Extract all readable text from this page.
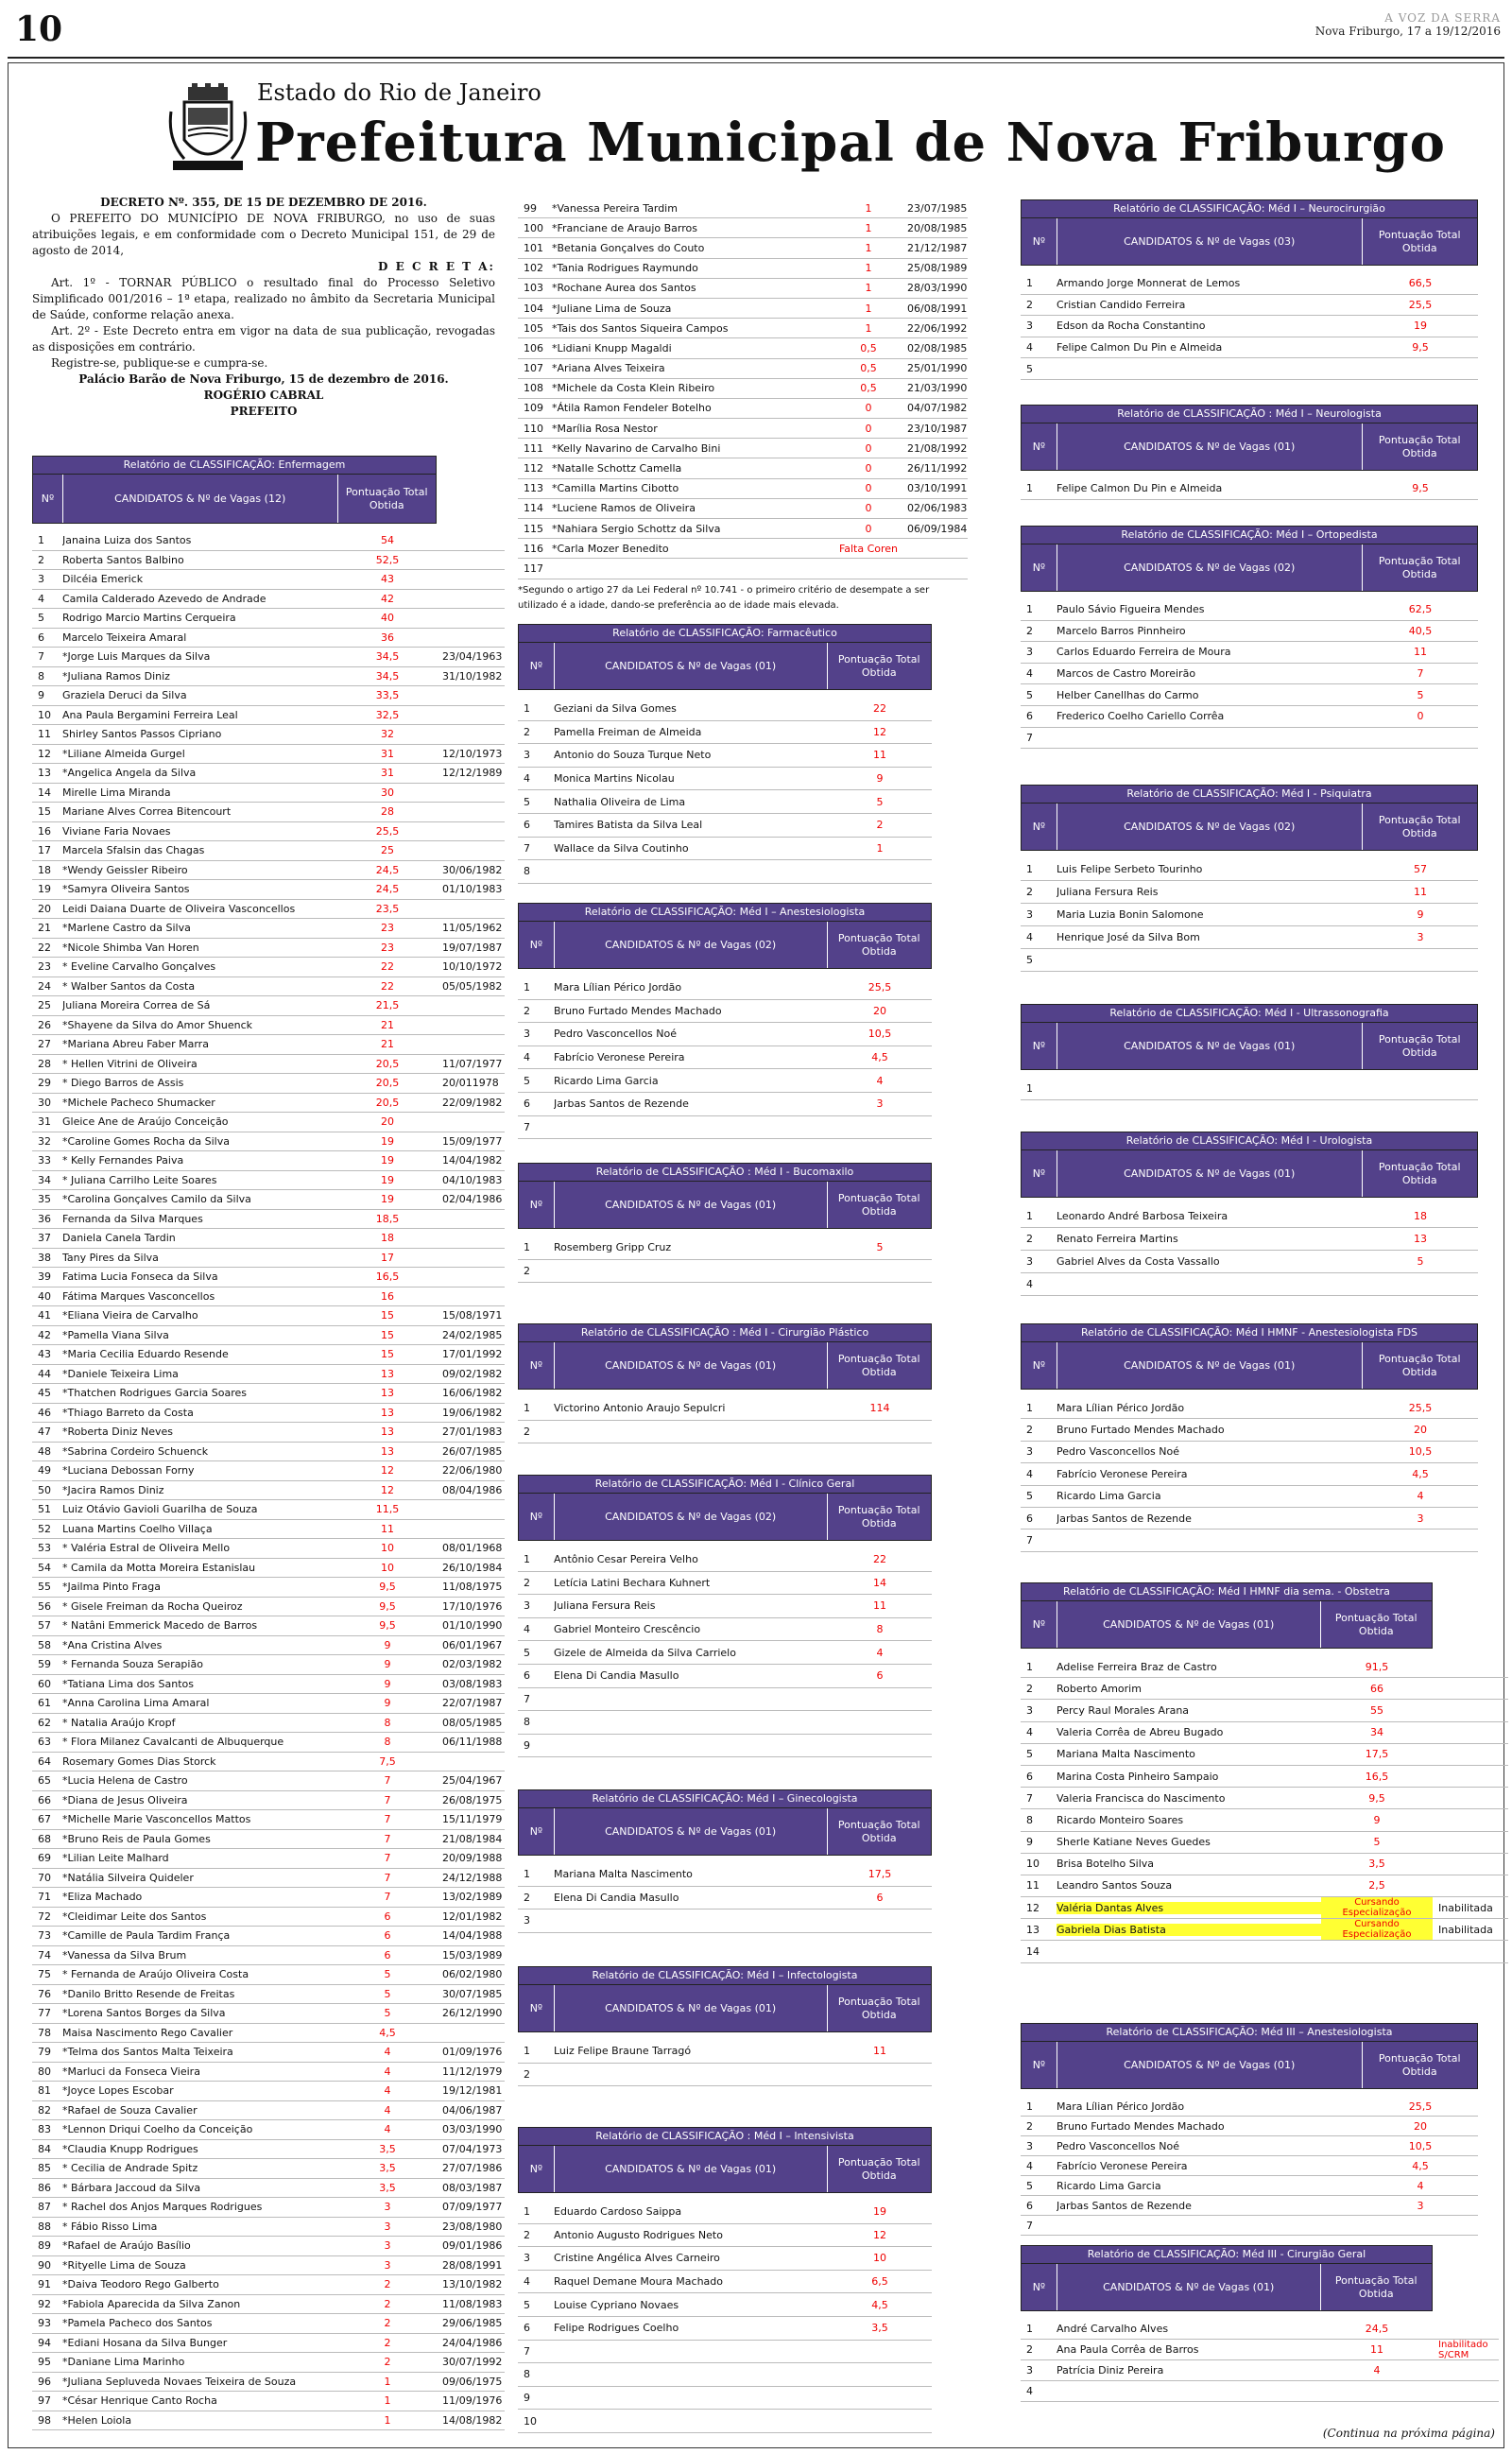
10	A VOZ DA SERRA
Nova Friburgo, 17 a 19/12/2016
Estado do Rio de Janeiro
Prefeitura Municipal de Nova Friburgo
DECRETO Nº. 355, DE 15 DE DEZEMBRO DE 2016.
O PREFEITO DO MUNICÍPIO DE NOVA FRIBURGO, no uso de suas atribuições legais, e em conformidade com o Decreto Municipal 151, de 29 de agosto de 2014,
D E C R E T A:
Art. 1º - TORNAR PÚBLICO o resultado final do Processo Seletivo Simplificado 001/2016 – 1ª etapa, realizado no âmbito da Secretaria Municipal de Saúde, conforme relação anexa.
Art. 2º - Este Decreto entra em vigor na data de sua publicação, revogadas as disposições em contrário.
Registre-se, publique-se e cumpra-se.
Palácio Barão de Nova Friburgo, 15 de dezembro de 2016.
ROGÉRIO CABRAL
PREFEITO
Relatório de CLASSIFICAÇÃO: Enfermagem
Nº	CANDIDATOS & Nº de Vagas (12)
Pontuação Total Obtida
1	Janaina Luiza dos Santos	54
2	Roberta Santos Balbino	52,5
3	Dilcéia Emerick	43
4	Camila Calderado Azevedo de Andrade	42
5	Rodrigo Marcio Martins Cerqueira	40
6	Marcelo Teixeira Amaral	36
7	*Jorge Luis Marques da Silva	34,5	23/04/1963
8	*Juliana Ramos Diniz	34,5	31/10/1982
9	Graziela Deruci da Silva	33,5
10	Ana Paula Bergamini Ferreira Leal	32,5
11	Shirley Santos Passos Cipriano	32
12	*Liliane Almeida Gurgel	31	12/10/1973
13	*Angelica Angela da Silva	31	12/12/1989
14	Mirelle Lima Miranda	30
15	Mariane Alves Correa Bitencourt	28
16	Viviane Faria Novaes	25,5
17	Marcela Sfalsin das Chagas	25
18	*Wendy Geissler Ribeiro	24,5	30/06/1982
19	*Samyra Oliveira Santos	24,5	01/10/1983
20	Leidi Daiana Duarte de Oliveira Vasconcellos	23,5
21	*Marlene Castro da Silva	23	11/05/1962
22	*Nicole Shimba Van Horen	23	19/07/1987
23	* Eveline Carvalho Gonçalves	22	10/10/1972
24	* Walber Santos da Costa	22	05/05/1982
25	Juliana Moreira Correa de Sá	21,5
26	*Shayene da Silva do Amor Shuenck	21
27	*Mariana Abreu Faber Marra	21
28	* Hellen Vitrini de Oliveira	20,5	11/07/1977
29	* Diego Barros de Assis	20,5	20/011978
30	*Michele Pacheco Shumacker	20,5	22/09/1982
31	Gleice Ane de Araújo Conceição	20
32	*Caroline Gomes Rocha da Silva	19	15/09/1977
33	* Kelly Fernandes Paiva	19	14/04/1982
34	* Juliana Carrilho Leite Soares	19	04/10/1983
35	*Carolina Gonçalves Camilo da Silva	19	02/04/1986
36	Fernanda da Silva Marques	18,5
37	Daniela Canela Tardin	18
38	Tany Pires da Silva	17
39	Fatima Lucia Fonseca da Silva	16,5
40	Fátima Marques Vasconcellos	16
41	*Eliana Vieira de Carvalho	15	15/08/1971
42	*Pamella Viana Silva	15	24/02/1985
43	*Maria Cecilia Eduardo Resende	15	17/01/1992
44	*Daniele Teixeira Lima	13	09/02/1982
45	*Thatchen Rodrigues Garcia Soares	13	16/06/1982
46	*Thiago Barreto da Costa	13	19/06/1982
47	*Roberta Diniz Neves	13	27/01/1983
48	*Sabrina Cordeiro Schuenck	13	26/07/1985
49	*Luciana Debossan Forny	12	22/06/1980
50	*Jacira Ramos Diniz	12	08/04/1986
51	Luiz Otávio Gavioli Guarilha de Souza	11,5
52	Luana Martins Coelho Villaça	11
53	* Valéria Estral de Oliveira Mello	10	08/01/1968
54	* Camila da Motta Moreira Estanislau	10	26/10/1984
55	*Jailma Pinto Fraga	9,5	11/08/1975
56	* Gisele Freiman da Rocha Queiroz	9,5	17/10/1976
57	* Natâni Emmerick Macedo de Barros	9,5	01/10/1990
58	*Ana Cristina Alves	9	06/01/1967
59	* Fernanda Souza Serapião	9	02/03/1982
60	*Tatiana Lima dos Santos	9	03/08/1983
61	*Anna Carolina Lima Amaral	9	22/07/1987
62	* Natalia Araújo Kropf	8	08/05/1985
63	* Flora Milanez Cavalcanti de Albuquerque	8	06/11/1988
64	Rosemary Gomes Dias Storck	7,5
65	*Lucia Helena de Castro	7	25/04/1967
66	*Diana de Jesus Oliveira	7	26/08/1975
67	*Michelle Marie Vasconcellos Mattos	7	15/11/1979
68	*Bruno Reis de Paula Gomes	7	21/08/1984
69	*Lilian Leite Malhard	7	20/09/1988
70	*Natália Silveira Quideler	7	24/12/1988
71	*Eliza Machado	7	13/02/1989
72	*Cleidimar Leite dos Santos	6	12/01/1982
73	*Camille de Paula Tardim França	6	14/04/1988
74	*Vanessa da Silva Brum	6	15/03/1989
75	* Fernanda de Araújo Oliveira Costa	5	06/02/1980
76	*Danilo Britto Resende de Freitas	5	30/07/1985
77	*Lorena Santos Borges da Silva	5	26/12/1990
78	Maisa Nascimento Rego Cavalier	4,5
79	*Telma dos Santos Malta Teixeira	4	01/09/1976
80	*Marluci da Fonseca Vieira	4	11/12/1979
81	*Joyce Lopes Escobar	4	19/12/1981
82	*Rafael de Souza Cavalier	4	04/06/1987
83	*Lennon Driqui Coelho da Conceição	4	03/03/1990
84	*Claudia Knupp Rodrigues	3,5	07/04/1973
85	* Cecilia de Andrade Spitz	3,5	27/07/1986
86	* Bárbara Jaccoud da Silva	3,5	08/03/1987
87	* Rachel dos Anjos Marques Rodrigues	3	07/09/1977
88	* Fábio Risso Lima	3	23/08/1980
89	*Rafael de Araújo Basílio	3	09/01/1986
90	*Rityelle Lima de Souza	3	28/08/1991
91	*Daiva Teodoro Rego Galberto	2	13/10/1982
92	*Fabiola Aparecida da Silva Zanon	2	11/08/1983
93	*Pamela Pacheco dos Santos	2	29/06/1985
94	*Ediani Hosana da Silva Bunger	2	24/04/1986
95	*Daniane Lima Marinho	2	30/07/1992
96	*Juliana Sepluveda Novaes Teixeira de Souza	1	09/06/1975
97	*César Henrique Canto Rocha	1	11/09/1976
98	*Helen Loiola	1	14/08/1982
99	*Vanessa Pereira Tardim	1	23/07/1985
100 *Franciane de Araujo Barros	1	20/08/1985
101 *Betania Gonçalves do Couto	1	21/12/1987
102 *Tania Rodrigues Raymundo	1	25/08/1989
103 *Rochane Aurea dos Santos	1	28/03/1990
104 *Juliane Lima de Souza	1	06/08/1991
105 *Tais dos Santos Siqueira Campos	1	22/06/1992
106 *Lidiani Knupp Magaldi	0,5	02/08/1985
107 *Ariana Alves Teixeira	0,5	25/01/1990
108 *Michele da Costa Klein Ribeiro	0,5	21/03/1990
109 *Átila Ramon Fendeler Botelho	0	04/07/1982
110 *Marília Rosa Nestor	0	23/10/1987
111 *Kelly Navarino de Carvalho Bini	0	21/08/1992
112 *Natalle Schottz Camella	0	26/11/1992
113 *Camilla Martins Cibotto	0	03/10/1991
114 *Luciene Ramos de Oliveira	0	02/06/1983
115 *Nahiara Sergio Schottz da Silva	0	06/09/1984
116 *Carla Mozer Benedito	Falta Coren
117
*Segundo o artigo 27 da Lei Federal nº 10.741 - o primeiro critério de desempate a ser utilizado é a idade, dando-se preferência ao de idade mais elevada.
Relatório de CLASSIFICAÇÃO: Farmacêutico
Nº	CANDIDATOS & Nº de Vagas (01)
Pontuação Total Obtida
1	Geziani da Silva Gomes	22
2	Pamella Freiman de Almeida	12
3	Antonio do Souza Turque Neto	11
4	Monica Martins Nicolau	9
5	Nathalia Oliveira de Lima	5
6	Tamires Batista da Silva Leal	2
7	Wallace da Silva Coutinho	1
8
Relatório de CLASSIFICAÇÃO: Méd I – Anestesiologista
Nº	CANDIDATOS & Nº de Vagas (02)
Pontuação Total Obtida
1	Mara Lílian Périco Jordão	25,5
2	Bruno Furtado Mendes Machado	20
3	Pedro Vasconcellos Noé	10,5
4	Fabrício Veronese Pereira	4,5
5	Ricardo Lima Garcia	4
6	Jarbas Santos de Rezende	3
7
Relatório de CLASSIFICAÇÃO : Méd I - Bucomaxilo
Nº	CANDIDATOS & Nº de Vagas (01)
Pontuação Total Obtida
1	Rosemberg Gripp Cruz	5
2
Relatório de CLASSIFICAÇÃO : Méd I - Cirurgião Plástico
Nº	CANDIDATOS & Nº de Vagas (01)
Pontuação Total Obtida
1	Victorino Antonio Araujo Sepulcri	114
2
Relatório de CLASSIFICAÇÃO: Méd I - Clínico Geral
Nº	CANDIDATOS & Nº de Vagas (02)
Pontuação Total Obtida
1	Antônio Cesar Pereira Velho	22
2	Letícia Latini Bechara Kuhnert	14
3	Juliana Fersura Reis	11
4	Gabriel Monteiro Crescêncio	8
5	Gizele de Almeida da Silva Carrielo	4
6	Elena Di Candia Masullo	6
7
8
9
Relatório de CLASSIFICAÇÃO: Méd I – Ginecologista
Nº	CANDIDATOS & Nº de Vagas (01)
Pontuação Total Obtida
1	Mariana Malta Nascimento	17,5
2	Elena Di Candia Masullo	6
3
Relatório de CLASSIFICAÇÃO: Méd I – Infectologista
Nº	CANDIDATOS & Nº de Vagas (01)
Pontuação Total Obtida
1	Luiz Felipe Braune Tarragó	11
2
Relatório de CLASSIFICAÇÃO : Méd I – Intensivista
Nº	CANDIDATOS & Nº de Vagas (01)
Pontuação Total Obtida
1	Eduardo Cardoso Saippa	19
2	Antonio Augusto Rodrigues Neto	12
3	Cristine Angélica Alves Carneiro	10
4	Raquel Demane Moura Machado	6,5
5	Louise Cypriano Novaes	4,5
6	Felipe Rodrigues Coelho	3,5
7
8
9
10
Relatório de CLASSIFICAÇÃO: Méd I – Neurocirurgião
Nº	CANDIDATOS & Nº de Vagas (03)
Pontuação Total Obtida
1	Armando Jorge Monnerat de Lemos	66,5
2	Cristian Candido Ferreira	25,5
3	Edson da Rocha Constantino	19
4	Felipe Calmon Du Pin e Almeida	9,5
5
Relatório de CLASSIFICAÇÃO : Méd I – Neurologista
Nº	CANDIDATOS & Nº de Vagas (01)
Pontuação Total Obtida
1	Felipe Calmon Du Pin e Almeida	9,5
Relatório de CLASSIFICAÇÃO: Méd I – Ortopedista
Nº	CANDIDATOS & Nº de Vagas (02)
Pontuação Total Obtida
1	Paulo Sávio Figueira Mendes	62,5
2	Marcelo Barros Pinnheiro	40,5
3	Carlos Eduardo Ferreira de Moura	11
4	Marcos de Castro Moreirão	7
5	Helber Canellhas do Carmo	5
6	Frederico Coelho Cariello Corrêa	0
7
Relatório de CLASSIFICAÇÃO: Méd I - Psiquiatra
Nº	CANDIDATOS & Nº de Vagas (02)
Pontuação Total Obtida
1	Luis Felipe Serbeto Tourinho	57
2	Juliana Fersura Reis	11
3	Maria Luzia Bonin Salomone	9
4	Henrique José da Silva Bom	3
5
Relatório de CLASSIFICAÇÃO: Méd I - Ultrassonografia
Nº	CANDIDATOS & Nº de Vagas (01)
Pontuação Total Obtida
1
Relatório de CLASSIFICAÇÃO: Méd I - Urologista
Nº	CANDIDATOS & Nº de Vagas (01)
Pontuação Total Obtida
1	Leonardo André Barbosa Teixeira	18
2	Renato Ferreira Martins	13
3	Gabriel Alves da Costa Vassallo	5
4
Relatório de CLASSIFICAÇÃO: Méd I HMNF - Anestesiologista FDS
Nº	CANDIDATOS & Nº de Vagas (01)
Pontuação Total Obtida
1	Mara Lílian Périco Jordão	25,5
2	Bruno Furtado Mendes Machado	20
3	Pedro Vasconcellos Noé	10,5
4	Fabrício Veronese Pereira	4,5
5	Ricardo Lima Garcia	4
6	Jarbas Santos de Rezende	3
7
Relatório de CLASSIFICAÇÃO: Méd I HMNF dia sema. - Obstetra
Nº	CANDIDATOS & Nº de Vagas (01)
Pontuação Total Obtida
1	Adelise Ferreira Braz de Castro	91,5
2	Roberto Amorim	66
3	Percy Raul Morales Arana	55
4	Valeria Corrêa de Abreu Bugado	34
5	Mariana Malta Nascimento	17,5
6	Marina Costa Pinheiro Sampaio	16,5
7	Valeria Francisca do Nascimento	9,5
8	Ricardo Monteiro Soares	9
9	Sherle Katiane Neves Guedes	5
10	Brisa Botelho Silva	3,5
11	Leandro Santos Souza	2,5
12	Valéria Dantas Alves	Cursando Especialização	Inabilitada
13	Gabriela Dias Batista	Cursando Especialização	Inabilitada
14
Relatório de CLASSIFICAÇÃO: Méd III – Anestesiologista
Nº	CANDIDATOS & Nº de Vagas (01)
Pontuação Total Obtida
1	Mara Lílian Périco Jordão	25,5
2	Bruno Furtado Mendes Machado	20
3	Pedro Vasconcellos Noé	10,5
4	Fabrício Veronese Pereira	4,5
5	Ricardo Lima Garcia	4
6	Jarbas Santos de Rezende	3
7
Relatório de CLASSIFICAÇÃO: Méd III - Cirurgião Geral
Nº	CANDIDATOS & Nº de Vagas (01)
Pontuação Total Obtida
1	André Carvalho Alves	24,5
2	Ana Paula Corrêa de Barros	11	Inabilitado S/CRM
3	Patrícia Diniz Pereira	4
4
(Continua na próxima página)
